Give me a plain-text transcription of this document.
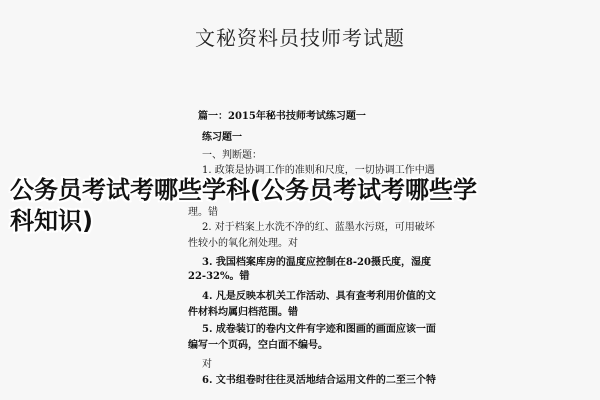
文秘资料员技师考试题
篇一：2015年秘书技师考试练习题一
练习题一
一、判断题：
1. 政策是协调工作的准则和尺度，一切协调工作中遇
理。错
2. 对于档案上水洗不净的红、蓝墨水污斑，可用破坏
性较小的氧化剂处理。对
3. 我国档案库房的温度应控制在8-20摄氏度，湿度
22-32%。错
4. 凡是反映本机关工作活动、具有查考利用价值的文
件材料均属归档范围。错
5. 成卷装订的卷内文件有字迹和图画的画面应该一面
编写一个页码，空白面不编号。
对
6. 文书组卷时往往灵活地结合运用文件的二至三个特
公务员考试考哪些学科(公务员考试考哪些学
科知识)
